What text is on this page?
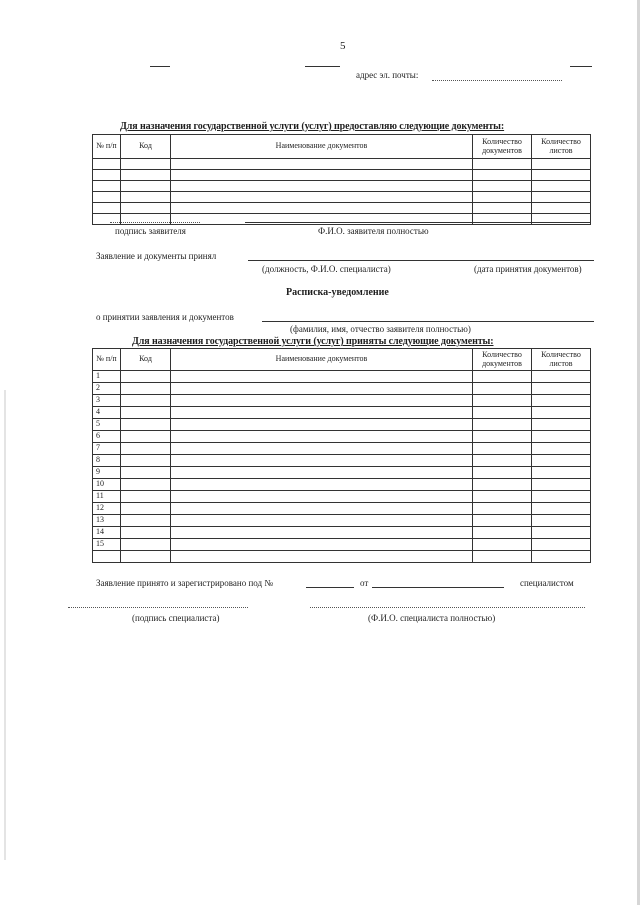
5
адрес эл. почты:
Для назначения государственной услуги (услуг) предоставляю следующие документы:
№ п/п	Код	Наименование документов	Количество документов	Количество листов

подпись заявителя	Ф.И.О. заявителя полностью
Заявление и документы принял
(должность, Ф.И.О. специалиста)	(дата принятия документов)
Расписка-уведомление
о принятии заявления и документов
(фамилия, имя, отчество заявителя полностью)
Для назначения государственной услуги (услуг) приняты следующие документы:
№ п/п	Код	Наименование документов	Количество документов	Количество листов
1				
2				
3				
4				
5				
6				
7				
8				
9				
10				
11				
12				
13				
14				
15				

Заявление принято и зарегистрировано под №	от	специалистом
(подпись специалиста)	(Ф.И.О. специалиста полностью)
